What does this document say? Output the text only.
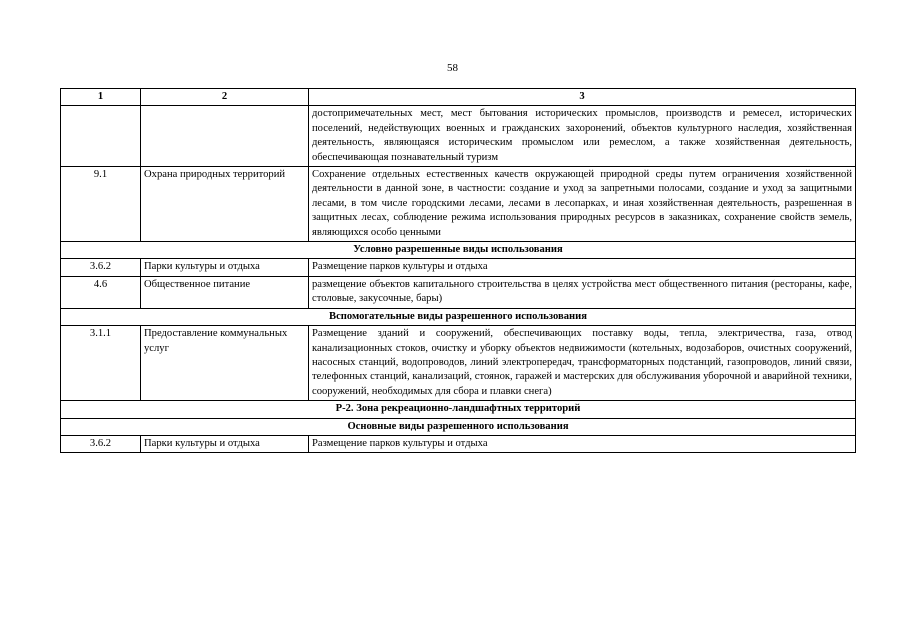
58
1	2	3
		достопримечательных мест, мест бытования исторических промыслов, производств и ремесел, исторических поселений, недействующих военных и гражданских захоронений, объектов культурного наследия, хозяйственная деятельность, являющаяся историческим промыслом или ремеслом, а также хозяйственная деятельность, обеспечивающая познавательный туризм
9.1	Охрана природных территорий	Сохранение отдельных естественных качеств окружающей природной среды путем ограничения хозяйственной деятельности в данной зоне, в частности: создание и уход за запретными полосами, создание и уход за защитными лесами, в том числе городскими лесами, лесами в лесопарках, и иная хозяйственная деятельность, разрешенная в защитных лесах, соблюдение режима использования природных ресурсов в заказниках, сохранение свойств земель, являющихся особо ценными
Условно разрешенные виды использования		
3.6.2	Парки культуры и отдыха	Размещение парков культуры и отдыха
4.6	Общественное питание	размещение объектов капитального строительства в целях устройства мест общественного питания (рестораны, кафе, столовые, закусочные, бары)
Вспомогательные виды разрешенного использования		
3.1.1	Предоставление коммунальных услуг	Размещение зданий и сооружений, обеспечивающих поставку воды, тепла, электричества, газа, отвод канализационных стоков, очистку и уборку объектов недвижимости (котельных, водозаборов, очистных сооружений, насосных станций, водопроводов, линий электропередач, трансформаторных подстанций, газопроводов, линий связи, телефонных станций, канализаций, стоянок, гаражей и мастерских для обслуживания уборочной и аварийной техники, сооружений, необходимых для сбора и плавки снега)
Р-2. Зона рекреационно-ландшафтных территорий		
Основные виды разрешенного использования		
3.6.2	Парки культуры и отдыха	Размещение парков культуры и отдыха
